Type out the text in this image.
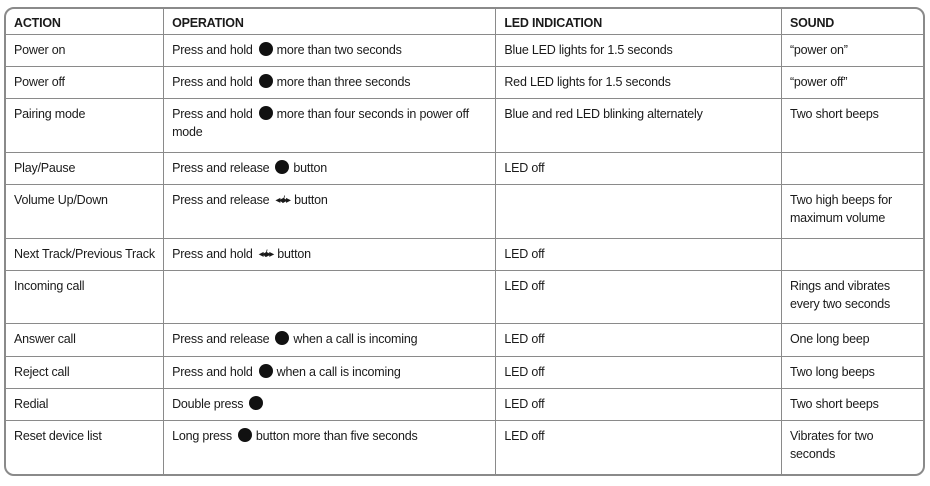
ACTION	OPERATION	LED INDICATION	SOUND
Power on	Press and hold more than two seconds	Blue LED lights for 1.5 seconds	“power on”
Power off	Press and hold more than three seconds	Red LED lights for 1.5 seconds	“power off”
Pairing mode	Press and hold more than four seconds in power off mode	Blue and red LED blinking alternately	Two short beeps
Play/Pause	Press and release button	LED off	
Volume Up/Down	Press and release ◂◂ /▸▸ button		Two high beeps for maximum volume
Next Track/Previous Track	Press and hold ◂◂/ ▸▸ button	LED off	
Incoming call		LED off	Rings and vibrates every two seconds
Answer call	Press and release when a call is incoming	LED off	One long beep
Reject call	Press and hold when a call is incoming	LED off	Two long beeps
Redial	Double press	LED off	Two short beeps
Reset device list	Long press button more than five seconds	LED off	Vibrates for two seconds
